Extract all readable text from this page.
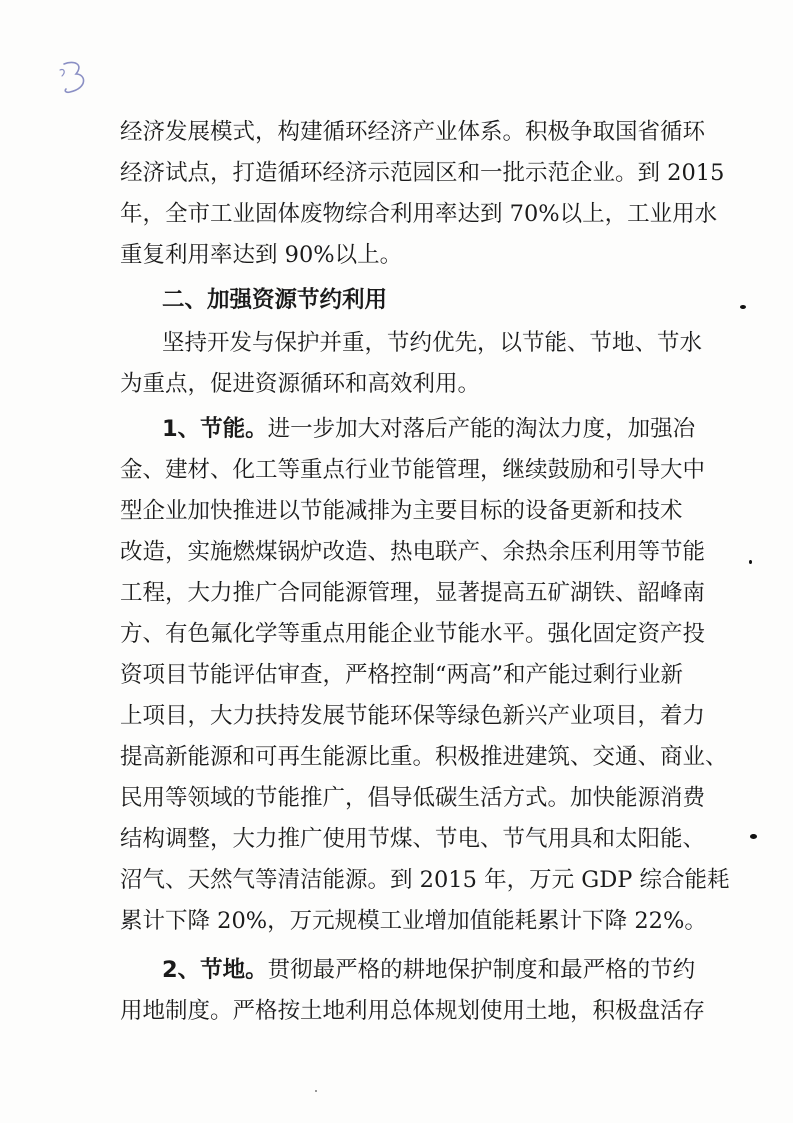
经济发展模式，构建循环经济产业体系。积极争取国省循环
经济试点，打造循环经济示范园区和一批示范企业。到 2015
年，全市工业固体废物综合利用率达到 70%以上，工业用水
重复利用率达到 90%以上。
二、加强资源节约利用
坚持开发与保护并重，节约优先，以节能、节地、节水
为重点，促进资源循环和高效利用。
1、节能。进一步加大对落后产能的淘汰力度，加强冶
金、建材、化工等重点行业节能管理，继续鼓励和引导大中
型企业加快推进以节能减排为主要目标的设备更新和技术
改造，实施燃煤锅炉改造、热电联产、余热余压利用等节能
工程，大力推广合同能源管理，显著提高五矿湖铁、韶峰南
方、有色氟化学等重点用能企业节能水平。强化固定资产投
资项目节能评估审查，严格控制“两高”和产能过剩行业新
上项目，大力扶持发展节能环保等绿色新兴产业项目，着力
提高新能源和可再生能源比重。积极推进建筑、交通、商业、
民用等领域的节能推广，倡导低碳生活方式。加快能源消费
结构调整，大力推广使用节煤、节电、节气用具和太阳能、
沼气、天然气等清洁能源。到 2015 年，万元 GDP 综合能耗
累计下降 20%，万元规模工业增加值能耗累计下降 22%。
2、节地。贯彻最严格的耕地保护制度和最严格的节约
用地制度。严格按土地利用总体规划使用土地，积极盘活存
